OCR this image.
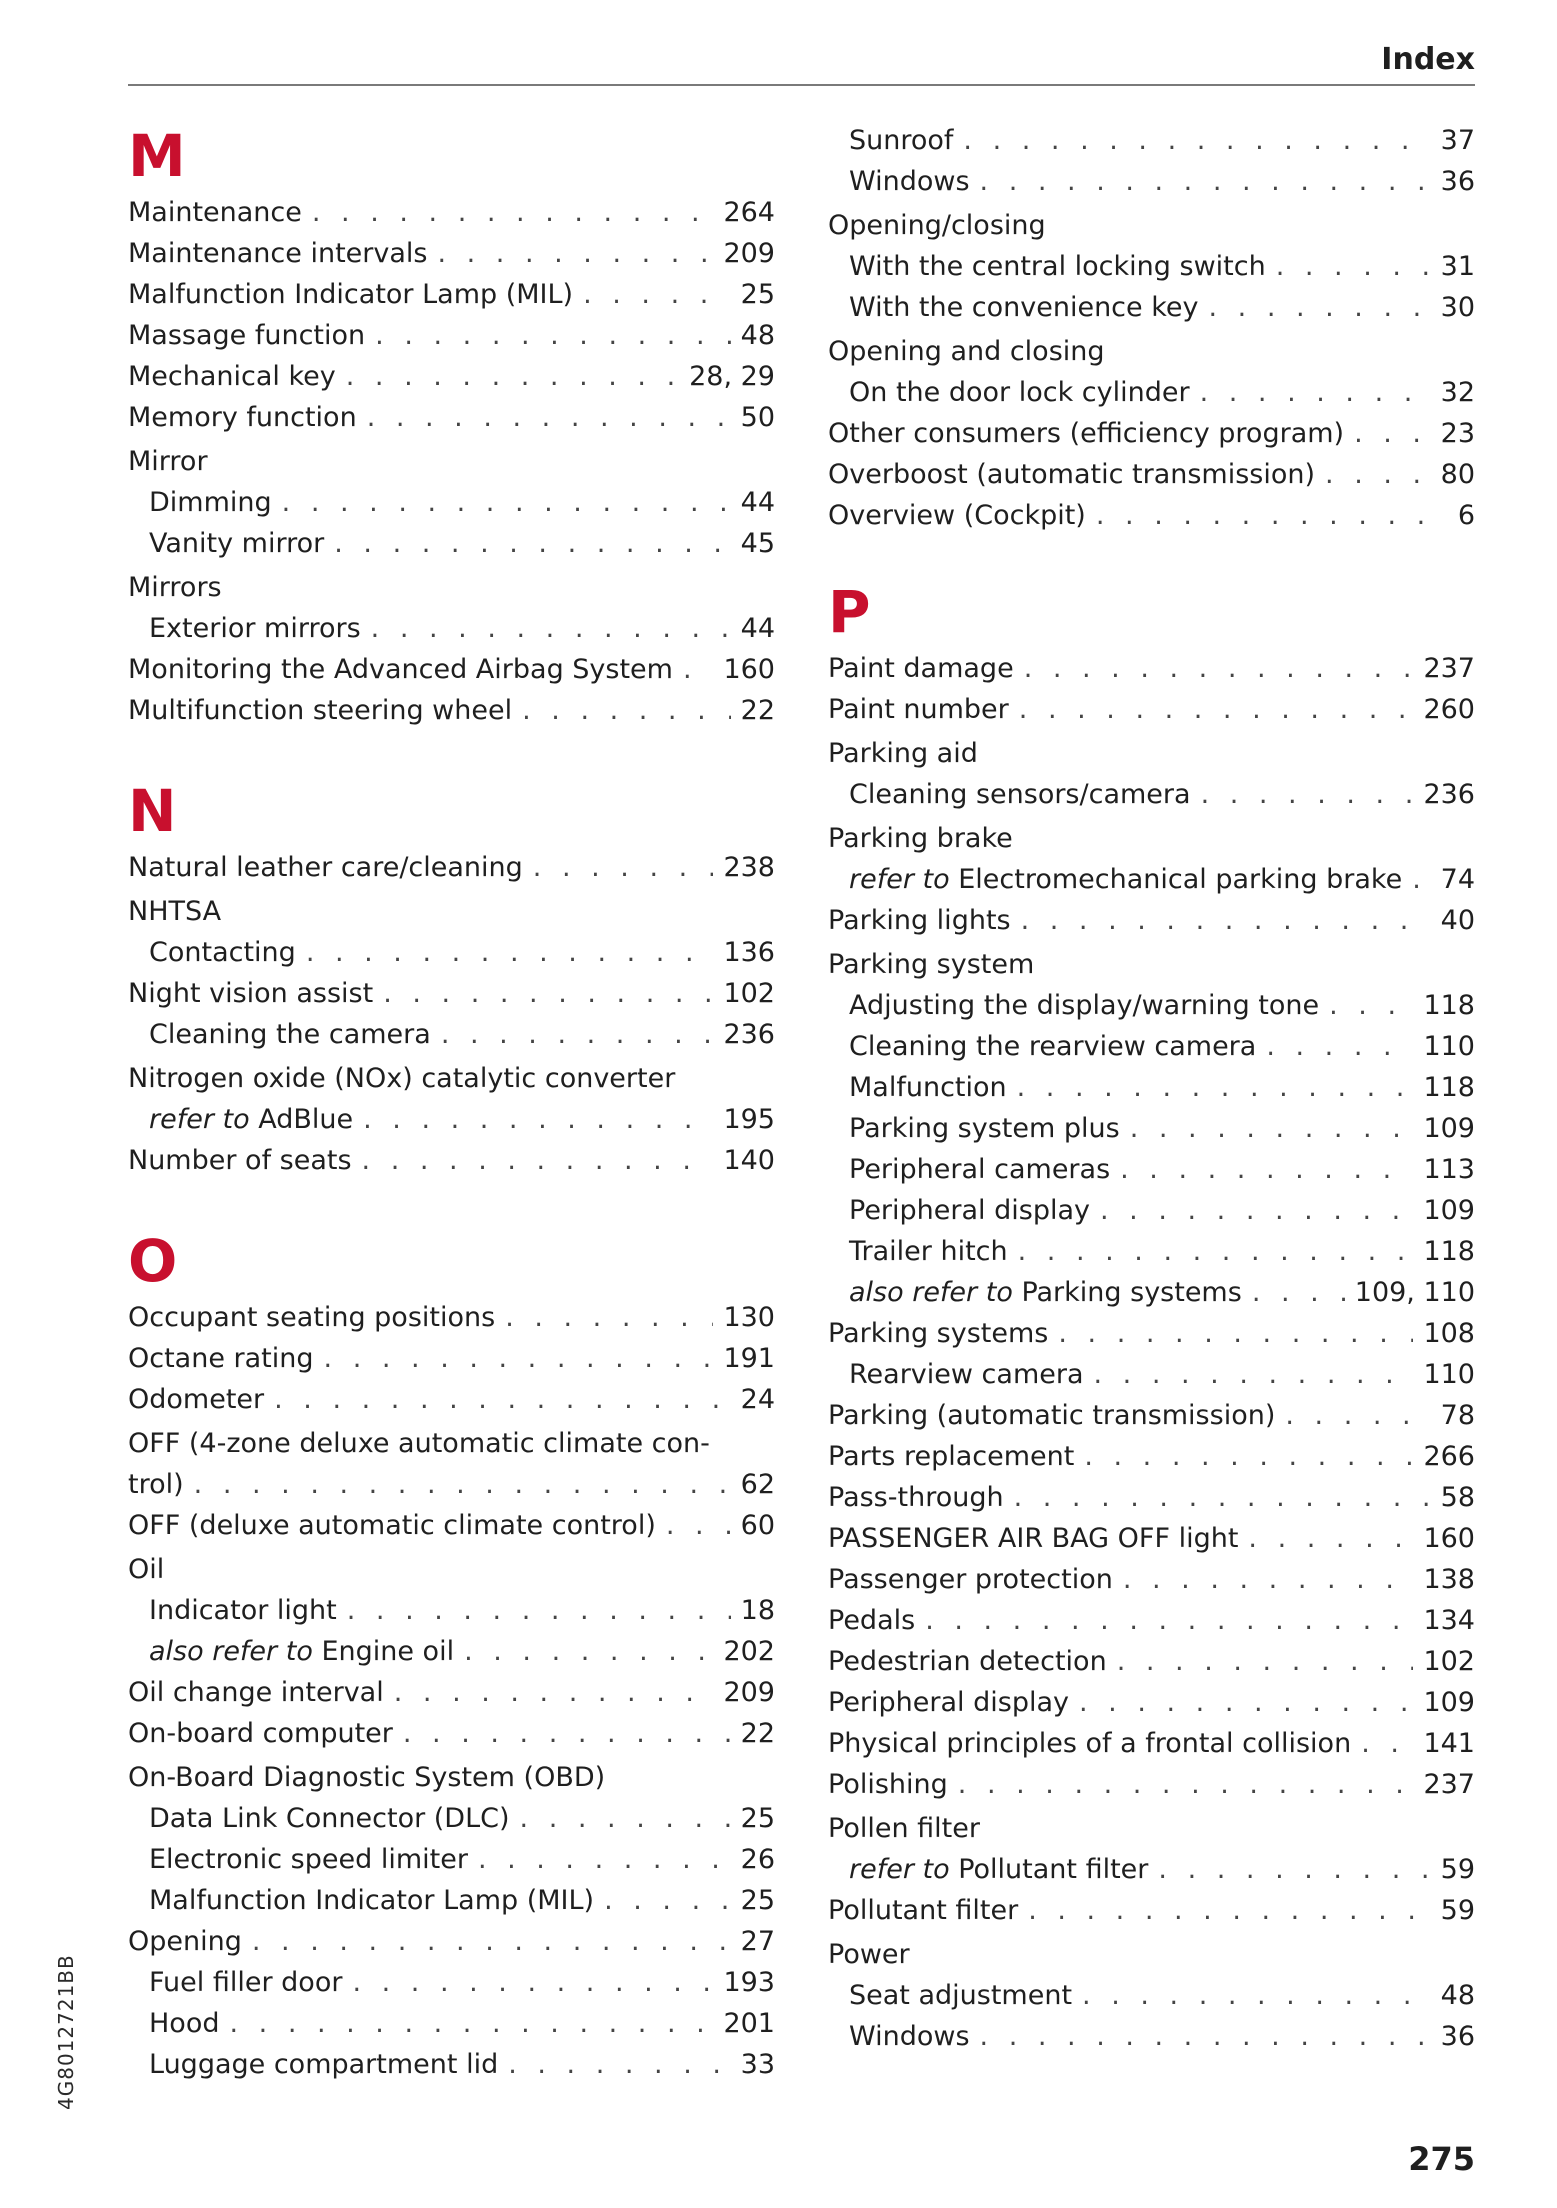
Index
M
Maintenance . . .	264
Maintenance intervals . . .	209
Malfunction Indicator Lamp (MIL) . . .	25
Massage function . . .	48
Mechanical key . . .	28, 29
Memory function . . .	50
Mirror
Dimming . . .	44
Vanity mirror . . .	45
Mirrors
Exterior mirrors . . .	44
Monitoring the Advanced Airbag System . . . 160
Multifunction steering wheel . . .	22
N
Natural leather care/cleaning . . .	238
NHTSA
Contacting . . .	136
Night vision assist . . .	102
Cleaning the camera . . .	236
Nitrogen oxide (NOx) catalytic converter
refer to AdBlue . . .	195
Number of seats . . .	140
O
Occupant seating positions . . .	130
Octane rating . . .	191
Odometer . . .	24
OFF (4-zone deluxe automatic climate con-
trol) . . .	62
OFF (deluxe automatic climate control) . . .	60
Oil
Indicator light . . .	18
also refer to Engine oil . . .	202
Oil change interval . . .	209
On-board computer . . .	22
On-Board Diagnostic System (OBD)
Data Link Connector (DLC) . . .	25
Electronic speed limiter . . .	26
Malfunction Indicator Lamp (MIL) . . .	25
Opening . . .	27
Fuel filler door . . .	193
Hood . . .	201
Luggage compartment lid . . .	33
Sunroof . . .	37
Windows . . .	36
Opening/closing
With the central locking switch . . .	31
With the convenience key . . .	30
Opening and closing
On the door lock cylinder . . .	32
Other consumers (efficiency program) . . .	23
Overboost (automatic transmission) . . .	80
Overview (Cockpit) . . .	6
P
Paint damage . . .	237
Paint number . . .	260
Parking aid
Cleaning sensors/camera . . .	236
Parking brake
refer to Electromechanical parking brake . . . 74
Parking lights . . .	40
Parking system
Adjusting the display/warning tone . . .	118
Cleaning the rearview camera . . .	110
Malfunction . . .	118
Parking system plus . . .	109
Peripheral cameras . . .	113
Peripheral display . . .	109
Trailer hitch . . .	118
also refer to Parking systems . . .	109, 110
Parking systems . . .	108
Rearview camera . . .	110
Parking (automatic transmission) . . .	78
Parts replacement . . .	266
Pass-through . . .	58
PASSENGER AIR BAG OFF light . . .	160
Passenger protection . . .	138
Pedals . . .	134
Pedestrian detection . . .	102
Peripheral display . . .	109
Physical principles of a frontal collision . . .	141
Polishing . . .	237
Pollen filter
refer to Pollutant filter . . .	59
Pollutant filter . . .	59
Power
Seat adjustment . . .	48
Windows . . .	36
4G8012721BB
275
